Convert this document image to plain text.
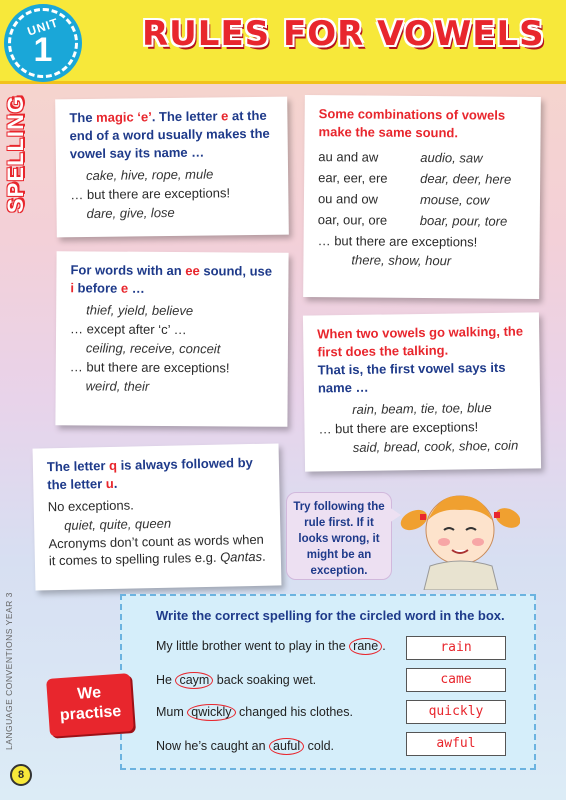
UNIT
1	RULES FOR VOWELS
SPELLING	The magic ‘e’. The letter e at the end of a word usually makes the vowel say its name …
cake, hive, rope, mule
… but there are exceptions!
dare, give, lose
Some combinations of vowels make the same sound.
au and aw	audio, saw
ear, eer, ere	dear, deer, here
ou and ow	mouse, cow
oar, our, ore	boar, pour, tore
… but there are exceptions!
there, show, hour
For words with an ee sound, use i before e …
thief, yield, believe
… except after ‘c’ …
ceiling, receive, conceit
… but there are exceptions!
weird, their
When two vowels go walking, the first does the talking.
That is, the first vowel says its name …
rain, beam, tie, toe, blue
… but there are exceptions!
said, bread, cook, shoe, coin
The letter q is always followed by the letter u.
No exceptions.
quiet, quite, queen
Acronyms don’t count as words when it comes to spelling rules e.g. Qantas.
Try following the rule first. If it looks wrong, it might be an exception.
Write the correct spelling for the circled word in the box.
My little brother went to play in the rane .	rain
He caym back soaking wet.	came
Mum qwickly changed his clothes.	quickly
Now he’s caught an auful cold.	awful
We
practise
LANGUAGE CONVENTIONS YEAR 3
8
